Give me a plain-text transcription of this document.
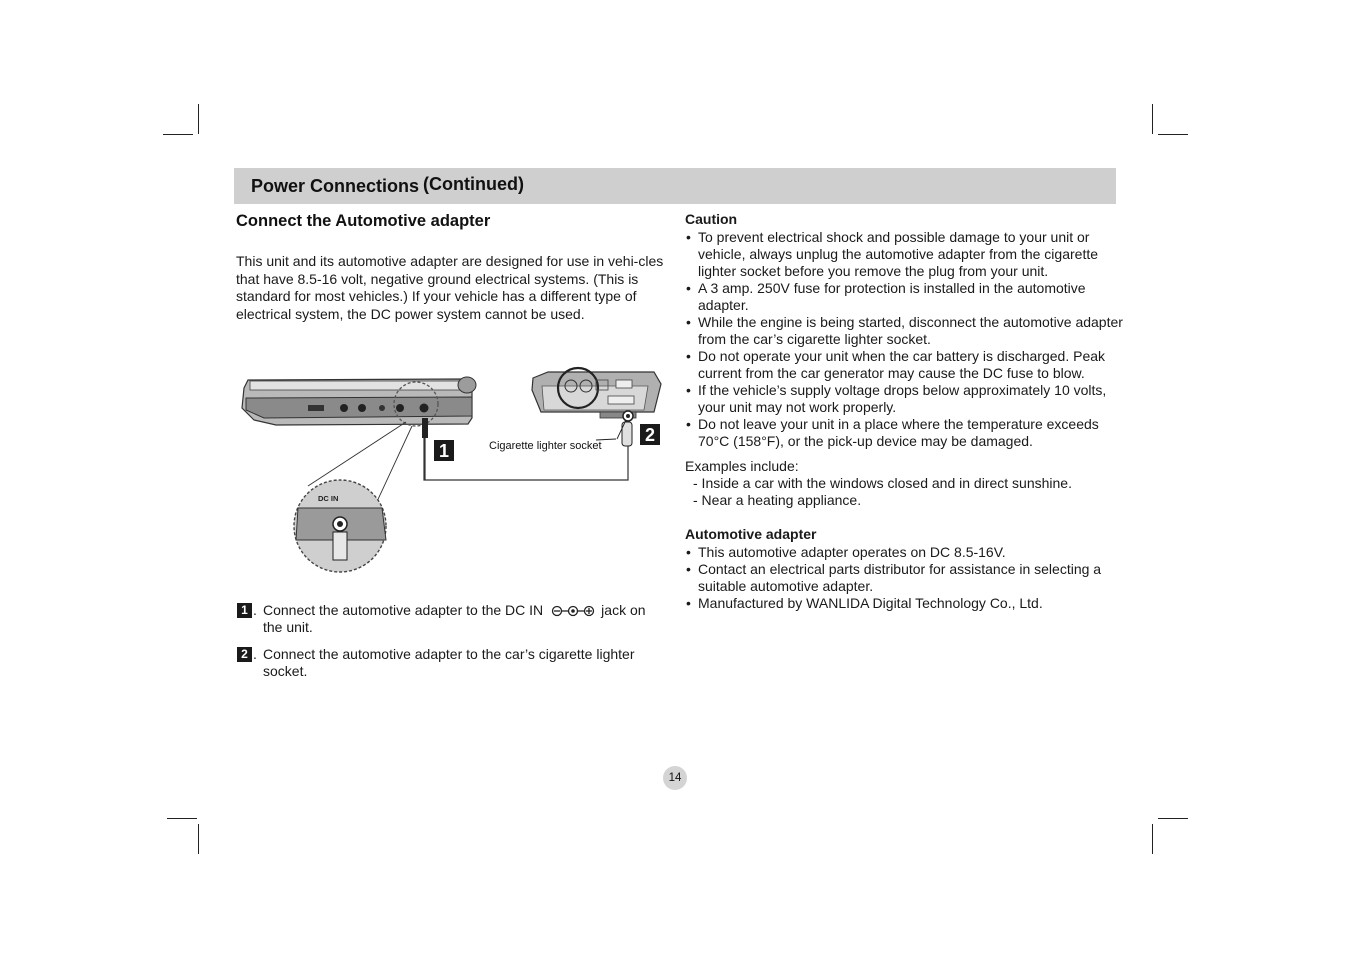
Power Connections (Continued)
Connect the Automotive adapter

This unit and its automotive adapter are designed for use in vehi-cles that have 8.5-16 volt, negative ground electrical systems. (This is standard for most vehicles.) If your vehicle has a different type of electrical system, the DC power system cannot be used.

DC IN
Cigarette lighter socket
1
2
1 . Connect the automotive adapter to the DC IN	jack on the unit.
2 . Connect the automotive adapter to the car’s cigarette lighter socket.

Caution

• To prevent electrical shock and possible damage to your unit or vehicle, always unplug the automotive adapter from the cigarette lighter socket before you remove the plug from your unit.
• A 3 amp. 250V fuse for protection is installed in the automotive adapter.
• While the engine is being started, disconnect the automotive adapter from the car’s cigarette lighter socket.
• Do not operate your unit when the car battery is discharged. Peak current from the car generator may cause the DC fuse to blow.
• If the vehicle’s supply voltage drops below approximately 10 volts, your unit may not work properly.
• Do not leave your unit in a place where the temperature exceeds 70°C (158°F), or the pick-up device may be damaged.
Examples include:
- Inside a car with the windows closed and in direct sunshine.
- Near a heating appliance.

Automotive adapter

• This automotive adapter operates on DC 8.5-16V.
• Contact an electrical parts distributor for assistance in selecting a suitable automotive adapter.
• Manufactured by WANLIDA Digital Technology Co., Ltd.
14
